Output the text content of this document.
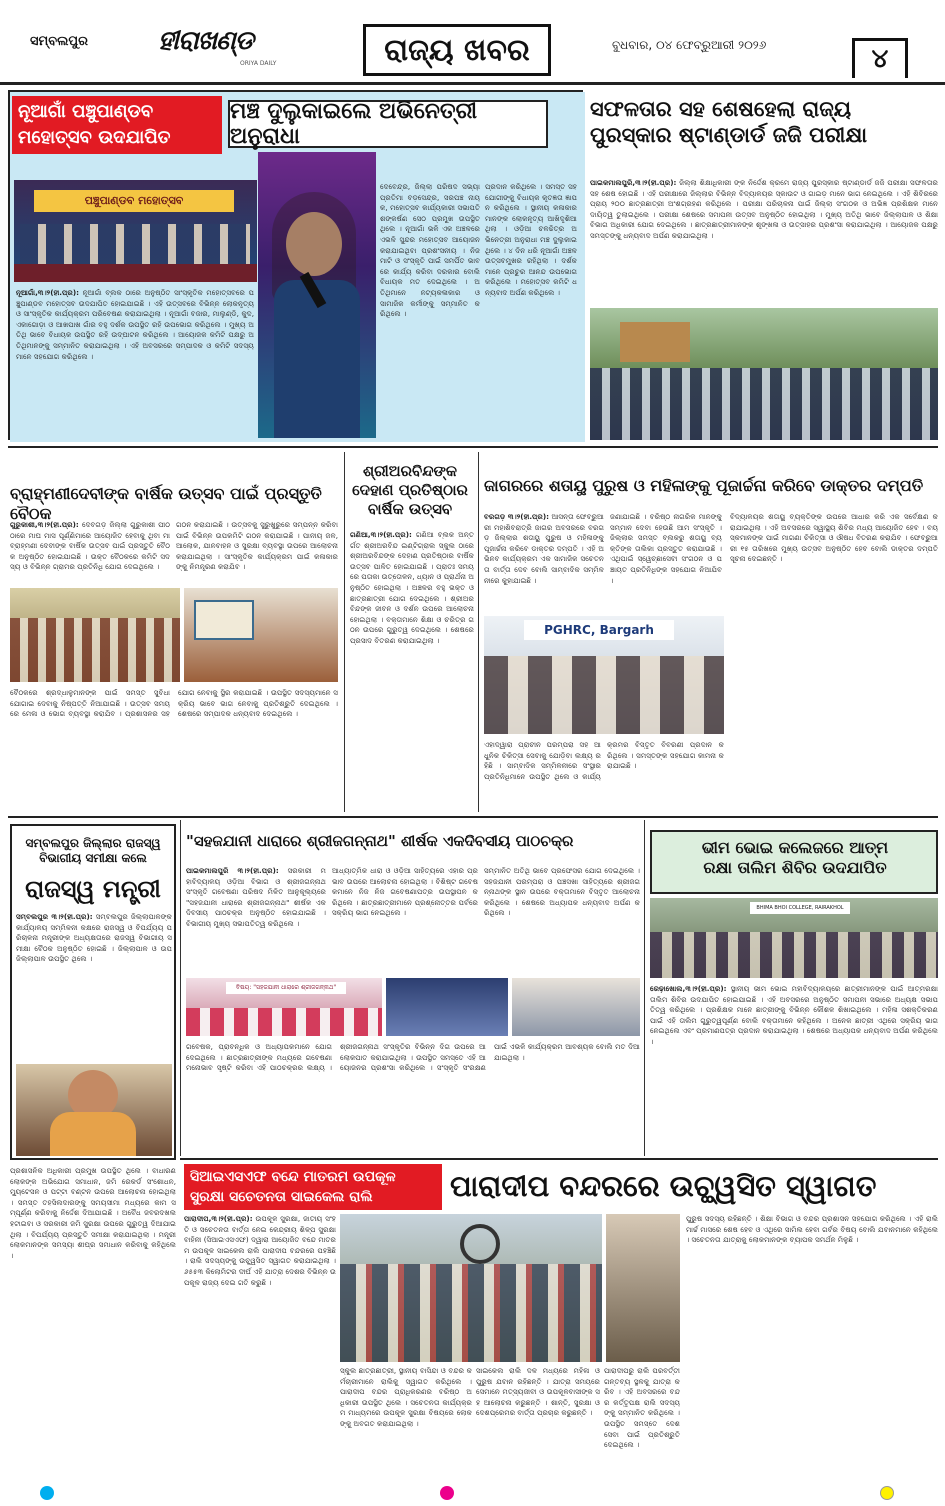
ସମ୍ବଲପୁର	ହୀରାଖଣ୍ଡ
ORIYA DAILY	ରାଜ୍ୟ ଖବର	ବୁଧବାର, ୦୪ ଫେବ୍ରୁଆରୀ ୨୦୨୬	୪
ନୂଆଗାଁ ପଞ୍ଚୁପାଣ୍ଡବ
ମହୋତ୍ସବ ଉଦଯାପିତ
ମଞ୍ଚ ଦୁଲୁକାଇଲେ ଅଭିନେତ୍ରୀ ଅନୁରାଧା
ପଞ୍ଚୁପାଣ୍ଡବ ମହୋତ୍ସବ
ନୂଆଗାଁ,୩।୨(ହୀ.ପ୍ର): ନୂଆଗାଁ ବ୍ଲକ ଠାରେ ଅନୁଷ୍ଠିତ ସାଂସ୍କୃତିକ ମହୋତ୍ସବରେ ପଞ୍ଚୁପାଣ୍ଡବ ମହୋତ୍ସବ ଉଦଯାପିତ ହୋଇଯାଇଛି । ଏହି ଉତ୍ସବରେ ବିଭିନ୍ନ ଲୋକନୃତ୍ୟ ଓ ସାଂସ୍କୃତିକ କାର୍ଯ୍ୟକ୍ରମ ପରିବେଷଣ କରାଯାଇଥିଲା । ନୂଆଗାଁ ବଜାର, ମାଲୁଣ୍ଡି, କୁଦ, ଏକାଗୋଡ଼ା ଓ ଆଖପାଖ ଗାଁର ବହୁ ଦର୍ଶକ ଉପସ୍ଥିତ ରହି ଉପଭୋଗ କରିଥିଲେ । ମୁଖ୍ୟ ଅତିଥି ଭାବେ ବିଧାୟକ ଉପସ୍ଥିତ ରହି ଉଦ୍‌ଘାଟନ କରିଥିଲେ । ଆୟୋଜକ କମିଟି ପକ୍ଷରୁ ଅତିଥିମାନଙ୍କୁ ସମ୍ମାନିତ କରାଯାଇଥିଲା । ଏହି ଅବସରରେ ସମ୍ପାଦକ ଓ କମିଟି ସଦସ୍ୟମାନେ ସହଯୋଗ କରିଥିଲେ ।
ଦେବେନ୍ଦ୍ର, ଜିଲ୍ଲା ପରିଷଦ ସଭ୍ୟା ପ୍ରତିମା ବଡ଼ସେନ୍ଦ୍ର, ସରପଞ୍ଚ ନାୟକ, ମହୋତ୍ସବ କାର୍ଯ୍ୟକାରୀ ସଭାପତି ଶଙ୍କର୍ଷଣ ସେଠ ପ୍ରମୁଖ ଉପସ୍ଥିତ ଥିଲେ । ନୂଆଗାଁ ଭଳି ଏକ ଅଞ୍ଚଳରେ ଏଭଳି ସୁନ୍ଦର ମହୋତ୍ସବ ଆୟୋଜନ କରାଯାଇଥିବା ପ୍ରଶଂସନୀୟ । ନିଜ ମାଟି ଓ ସଂସ୍କୃତି ପାଇଁ ସମର୍ପିତ ଭାବରେ କାର୍ଯ୍ୟ କରିବା ଦରକାର ବୋଲି ବିଧାୟକ ମତ ଦେଇଥିଲେ । ଅତିଥିମାନେ ନଟ୍ୟକଳାକାର ଓ ସାମାଜିକ କର୍ମୀଙ୍କୁ ସମ୍ମାନିତ କରିଥିଲେ ।
ପ୍ରଦାନ କରିଥିଲେ । ସମସ୍ତ ସହଯୋଗୀଙ୍କୁ ବିଧାୟକ କୃତଜ୍ଞତା ଜ୍ଞାପନ କରିଥିଲେ । ସ୍ଥାନୀୟ କଳାକାର ମାନଙ୍କ ଲୋକନୃତ୍ୟ ଆଖିଦୃଶିଆ ଥିଲା । ଓଡ଼ିଆ ଚଳଚ୍ଚିତ୍ର ଅଭିନେତ୍ରୀ ଅନୁରାଧା ମଞ୍ଚ ଦୁଲୁକାଇଥିଲେ । ୪ ଦିନ ଧରି ନୂଆଗାଁ ଅଞ୍ଚଳ ଉତ୍ସବମୁଖର ରହିଥିଲା । ଦର୍ଶକମାନେ ପ୍ରଚୁର ଆନନ୍ଦ ଉପଭୋଗ କରିଥିଲେ । ମହୋତ୍ସବ କମିଟି ଧନ୍ୟବାଦ ଅର୍ପଣ କରିଥିଲେ ।
ସଫଳତାର ସହ ଶେଷହେଲା ରାଜ୍ୟ
ପୁରସ୍କାର ଷ୍ଟାଣ୍ଡାର୍ଡ ଜଜି ପରୀକ୍ଷା
ପାଇକମାଲପୁରି,୩।୨(ହୀ.ପ୍ର): ଜିଲ୍ଲା ଶିକ୍ଷାଧିକାରୀ ଙ୍କ ନିର୍ଦ୍ଦେଶ କ୍ରମେ ରାଜ୍ୟ ପୁରସ୍କାର ଷ୍ଟାଣ୍ଡାର୍ଡ ଜଜି ପରୀକ୍ଷା ସଫଳତାର ସହ ଶେଷ ହୋଇଛି । ଏହି ପରୀକ୍ଷାରେ ଜିଲ୍ଲାର ବିଭିନ୍ନ ବିଦ୍ୟାଳୟର ସ୍କାଉଟ ଓ ଗାଇଡ଼ ମାନେ ଭାଗ ନେଇଥିଲେ । ଏହି ଶିବିରରେ ପ୍ରାୟ ୨୦୦ ଛାତ୍ରଛାତ୍ରୀ ଅଂଶଗ୍ରହଣ କରିଥିଲେ । ପରୀକ୍ଷା ପରିଚାଳନା ପାଇଁ ଜିଲ୍ଲା ସଂଗଠକ ଓ ଅଭିଜ୍ଞ ପ୍ରଶିକ୍ଷକ ମାନେ ଦାୟିତ୍ୱ ତୁଲାଇଥିଲେ । ପରୀକ୍ଷା ଶେଷରେ ସମାପନୀ ଉତ୍ସବ ଅନୁଷ୍ଠିତ ହୋଇଥିଲା । ମୁଖ୍ୟ ଅତିଥି ଭାବେ ଜିଲ୍ଲାପାଳ ଓ ଶିକ୍ଷା ବିଭାଗ ଅଧିକାରୀ ଯୋଗ ଦେଇଥିଲେ । ଛାତ୍ରଛାତ୍ରୀମାନଙ୍କ ଶୃଙ୍ଖଳା ଓ ଉତ୍ସାହର ପ୍ରଶଂସା କରାଯାଇଥିଲା । ଆୟୋଜକ ପକ୍ଷରୁ ସମସ୍ତଙ୍କୁ ଧନ୍ୟବାଦ ଅର୍ପଣ କରାଯାଇଥିଲା ।
ବ୍ରାହ୍ମଣୀଦେବୀଙ୍କ ବାର୍ଷିକ ଉତ୍ସବ ପାଇଁ ପ୍ରସ୍ତୁତି ବୈଠକ
ଗୁରୁକାଶୀ,୩।୨(ହୀ.ପ୍ର): ଦେବଗଡ଼ ଜିଲ୍ଲା ଗୁରୁକାଶୀ ପୀଠ ଠାରେ ମାଘ ମାସ ପୂର୍ଣ୍ଣିମାରେ ଆୟୋଜିତ ହେବାକୁ ଥିବା ମା ବ୍ରାହ୍ମଣୀ ଦେବୀଙ୍କ ବାର୍ଷିକ ଉତ୍ସବ ପାଇଁ ପ୍ରସ୍ତୁତି ବୈଠକ ଅନୁଷ୍ଠିତ ହୋଇଯାଇଛି । ଉକ୍ତ ବୈଠକରେ କମିଟି ସଦସ୍ୟ ଓ ବିଭିନ୍ନ ଗ୍ରାମର ପ୍ରତିନିଧି ଯୋଗ ଦେଇଥିଲେ ।
ଗଠନ କରାଯାଇଛି । ଉତ୍ସବକୁ ସୁରୁଖୁରୁରେ ସମ୍ପନ୍ନ କରିବା ପାଇଁ ବିଭିନ୍ନ ଉପକମିଟି ଗଠନ କରାଯାଇଛି । ପାନୀୟ ଜଳ, ଆଲୋକ, ଯାନବାହନ ଓ ସୁରକ୍ଷା ବ୍ୟବସ୍ଥା ଉପରେ ଆଲୋଚନା କରାଯାଇଥିଲା । ସାଂସ୍କୃତିକ କାର୍ଯ୍ୟକ୍ରମ ପାଇଁ କଳାକାରଙ୍କୁ ନିମନ୍ତ୍ରଣ କରାଯିବ ।
ବୈଠକରେ ଶ୍ରଦ୍ଧାଳୁମାନଙ୍କ ପାଇଁ ସମସ୍ତ ସୁବିଧା ଯୋଗାଇ ଦେବାକୁ ନିଷ୍ପତ୍ତି ନିଆଯାଇଛି । ଉତ୍ସବ ସମୟରେ ମେଳା ଓ ଭୋଗ ବ୍ୟବସ୍ଥା କରାଯିବ । ପ୍ରଶାସନର ସହଯୋଗ ନେବାକୁ ସ୍ଥିର କରାଯାଇଛି । ଉପସ୍ଥିତ ସଦସ୍ୟମାନେ ସକ୍ରିୟ ଭାବେ ଭାଗ ନେବାକୁ ପ୍ରତିଶ୍ରୁତି ଦେଇଥିଲେ । ଶେଷରେ ସମ୍ପାଦକ ଧନ୍ୟବାଦ ଦେଇଥିଲେ ।
ଶ୍ରୀଅରବିନ୍ଦଙ୍କ
ଦେହାଣ ପ୍ରତିଷ୍ଠାର
ବାର୍ଷିକ ଉତ୍ସବ
ଗଣିଆ,୩।୨(ହୀ.ପ୍ର): ଗଣିଆ ବ୍ଲକ ଅନ୍ତର୍ଗତ ଶ୍ରୀଅରବିନ୍ଦ ଇଣ୍ଟିଗ୍ରାଲ ସ୍କୁଲ ଠାରେ ଶ୍ରୀଅରବିନ୍ଦଙ୍କ ଦେହାଣ ପ୍ରତିଷ୍ଠାର ବାର୍ଷିକ ଉତ୍ସବ ପାଳିତ ହୋଇଯାଇଛି । ପ୍ରାତଃ ସମୟରେ ପତାକା ଉତ୍ତୋଳନ, ଧ୍ୟାନ ଓ ପ୍ରାର୍ଥନା ଅନୁଷ୍ଠିତ ହୋଇଥିଲା । ଅଞ୍ଚଳର ବହୁ ଭକ୍ତ ଓ ଛାତ୍ରଛାତ୍ରୀ ଯୋଗ ଦେଇଥିଲେ । ଶ୍ରୀଅରବିନ୍ଦଙ୍କ ଜୀବନ ଓ ଦର୍ଶନ ଉପରେ ଆଲୋଚନା ହୋଇଥିଲା । ବକ୍ତାମାନେ ଶିକ୍ଷା ଓ ଚରିତ୍ର ଗଠନ ଉପରେ ଗୁରୁତ୍ୱ ଦେଇଥିଲେ । ଶେଷରେ ପ୍ରସାଦ ବିତରଣ କରାଯାଇଥିଲା ।
ଜାଗରରେ ଶତାୟୁ ପୁରୁଷ ଓ ମହିଳାଙ୍କୁ ପୂଜାର୍ଚ୍ଚନା କରିବେ ଡାକ୍ତର ଦମ୍ପତି
ବରଗଡ଼ ୩।୨(ହୀ.ପ୍ର): ଆସନ୍ତା ଫେବ୍ରୁଆରୀ ମହାଶିବରାତ୍ରି ଜାଗର ଅବସରରେ ବରଗଡ଼ ଜିଲ୍ଲାର ଶତାୟୁ ପୁରୁଷ ଓ ମହିଳାଙ୍କୁ ପୂଜାର୍ଚ୍ଚନା କରିବେ ଡାକ୍ତର ଦମ୍ପତି । ଏହି ଅଭିନବ କାର୍ଯ୍ୟକ୍ରମ ଏକ ସାମାଜିକ ସଚେତନତା ବାର୍ତ୍ତା ଦେବ ବୋଲି ସାମ୍ବାଦିକ ସମ୍ମିଳନୀରେ କୁହାଯାଇଛି ।
ଜଣାଯାଇଛି । ବରିଷ୍ଠ ନାଗରିକ ମାନଙ୍କୁ ସମ୍ମାନ ଦେବା ହେଉଛି ଆମ ସଂସ୍କୃତି । ଜିଲ୍ଲାର ସମସ୍ତ ବ୍ଲକରୁ ଶତାୟୁ ବ୍ୟକ୍ତିଙ୍କ ତାଲିକା ପ୍ରସ୍ତୁତ କରାଯାଉଛି । ଏଥିପାଇଁ ସ୍ୱେଚ୍ଛାସେବୀ ସଂଗଠନ ଓ ପଞ୍ଚାୟତ ପ୍ରତିନିଧିଙ୍କ ସହଯୋଗ ନିଆଯିବ ।
PGHRC, Bargarh
ଏହାଦ୍ୱାରା ପ୍ରାଚୀନ ପରମ୍ପରା ସହ ଆଧୁନିକ ଚିକିତ୍ସା ସେବାକୁ ଯୋଡ଼ିବା ଲକ୍ଷ୍ୟ ରହିଛି । ସାମ୍ବାଦିକ ସମ୍ମିଳନୀରେ ସଂସ୍ଥାର ପ୍ରତିନିଧିମାନେ ଉପସ୍ଥିତ ଥିଲେ ଓ କାର୍ଯ୍ୟକ୍ରମର ବିସ୍ତୃତ ବିବରଣୀ ପ୍ରଦାନ କରିଥିଲେ । ସମସ୍ତଙ୍କ ସହଯୋଗ କାମନା କରାଯାଇଛି ।
ବିଦ୍ୟାଳୟର ଶତାୟୁ ବ୍ୟକ୍ତିଙ୍କ ଉପରେ ଆଧାର କରି ଏକ ସର୍ବେକ୍ଷଣ କରାଯାଇଥିଲା । ଏହି ଅବସରରେ ସ୍ୱାସ୍ଥ୍ୟ ଶିବିର ମଧ୍ୟ ଆୟୋଜିତ ହେବ । ବୟସ୍କମାନଙ୍କ ପାଇଁ ମାଗଣା ଚିକିତ୍ସା ଓ ଔଷଧ ବିତରଣ କରାଯିବ । ଫେବ୍ରୁଆରୀ ୧୫ ତାରିଖରେ ମୁଖ୍ୟ ଉତ୍ସବ ଅନୁଷ୍ଠିତ ହେବ ବୋଲି ଡାକ୍ତର ଦମ୍ପତି ସୂଚନା ଦେଇଛନ୍ତି ।
ସମ୍ବଲପୁର ଜିଲ୍ଲାର ରାଜସ୍ୱ
ବିଭାଗୀୟ ସମୀକ୍ଷା କଲେ
ରାଜସ୍ୱ ମନ୍ତ୍ରୀ
ସମ୍ବଲପୁର ୩।୨(ହୀ.ପ୍ର): ସମ୍ବଲପୁର ଜିଲ୍ଲାପାଳଙ୍କ କାର୍ଯ୍ୟାଳୟ ସମ୍ମିଳନୀ କକ୍ଷରେ ରାଜସ୍ୱ ଓ ବିପର୍ଯ୍ୟୟ ପରିଚାଳନା ମନ୍ତ୍ରୀଙ୍କ ଅଧ୍ୟକ୍ଷତାରେ ରାଜସ୍ୱ ବିଭାଗୀୟ ସମୀକ୍ଷା ବୈଠକ ଅନୁଷ୍ଠିତ ହୋଇଛି । ଜିଲ୍ଲାପାଳ ଓ ଉପଜିଲ୍ଲାପାଳ ଉପସ୍ଥିତ ଥିଲେ ।
ପ୍ରଶାସନିକ ଅଧିକାରୀ ପ୍ରମୁଖ ଉପସ୍ଥିତ ଥିଲେ । ବାଧାରଣ ଲୋକଙ୍କ ଅଭିଯୋଗ ସମାଧାନ, ଜମି ରେକର୍ଡ ସଂଶୋଧନ, ମ୍ୟୁଟେସନ ଓ ପଟ୍ଟା ବଣ୍ଟନ ଉପରେ ଆଲୋଚନା ହୋଇଥିଲା । ସମସ୍ତ ତହସିଲଦାରଙ୍କୁ ସମୟସୀମା ମଧ୍ୟରେ କାମ ସମ୍ପୂର୍ଣ୍ଣ କରିବାକୁ ନିର୍ଦ୍ଦେଶ ଦିଆଯାଇଛି । ଅବୈଧ ଜବରଦଖଲ ହଟାଇବା ଓ ସରକାରୀ ଜମି ସୁରକ୍ଷା ଉପରେ ଗୁରୁତ୍ୱ ଦିଆଯାଇଥିଲା । ବିପର୍ଯ୍ୟୟ ପ୍ରସ୍ତୁତି ସମୀକ୍ଷା କରାଯାଇଥିଲା । ମନ୍ତ୍ରୀ ଲୋକମାନଙ୍କ ସମସ୍ୟା ଶୀଘ୍ର ସମାଧାନ କରିବାକୁ କହିଥିଲେ ।
"ସହଜଯାନୀ ଧାରାରେ ଶ୍ରୀଜଗନ୍ନାଥ" ଶୀର୍ଷକ ଏକଦିବସୀୟ ପାଠଚକ୍ର
ପାଇକମାଲପୁରି ୩।୨(ହୀ.ପ୍ର): ସରକାରୀ ମହାବିଦ୍ୟାଳୟ ଓଡ଼ିଆ ବିଭାଗ ଓ ଶ୍ରୀଜଗନ୍ନାଥ ସଂସ୍କୃତି ଗବେଷଣା ପରିଷଦ ମିଳିତ ଆନୁକୂଲ୍ୟରେ "ସହଜଯାନୀ ଧାରାରେ ଶ୍ରୀଜଗନ୍ନାଥ" ଶୀର୍ଷକ ଏକଦିବସୀୟ ପାଠଚକ୍ର ଅନୁଷ୍ଠିତ ହୋଇଯାଇଛି । ବିଭାଗୀୟ ମୁଖ୍ୟ ସଭାପତିତ୍ୱ କରିଥିଲେ ।
ଆଧ୍ୟାତ୍ମିକ ଧାରା ଓ ଓଡ଼ିଆ ସାହିତ୍ୟରେ ଏହାର ପ୍ରଭାବ ଉପରେ ଆଲୋଚନା ହୋଇଥିଲା । ବିଶିଷ୍ଟ ଗବେଷକମାନେ ନିଜ ନିଜ ଗବେଷଣାପତ୍ର ଉପସ୍ଥାପନ କରିଥିଲେ । ଛାତ୍ରଛାତ୍ରୀମାନେ ପ୍ରଶ୍ନୋତ୍ତର ପର୍ବରେ ସକ୍ରିୟ ଭାଗ ନେଇଥିଲେ ।
ସମ୍ମାନିତ ଅତିଥି ଭାବେ ପ୍ରଫେସର ଯୋଗ ଦେଇଥିଲେ । ସହଜଯାନୀ ପରମ୍ପରା ଓ ପଞ୍ଚସଖା ସାହିତ୍ୟରେ ଶ୍ରୀଜଗନ୍ନାଥଙ୍କ ସ୍ଥାନ ଉପରେ ବକ୍ତାମାନେ ବିସ୍ତୃତ ଆଲୋଚନା କରିଥିଲେ । ଶେଷରେ ଅଧ୍ୟାପକ ଧନ୍ୟବାଦ ଅର୍ପଣ କରିଥିଲେ ।
ବିଷୟ: "ସହଜଯାନୀ ଧାରାରେ ଶ୍ରୀଜଗନ୍ନାଥ"
ଗବେଷକ, ପ୍ରାବନ୍ଧିକ ଓ ଅଧ୍ୟାପକମାନେ ଯୋଗ ଦେଇଥିଲେ । ଛାତ୍ରଛାତ୍ରୀଙ୍କ ମଧ୍ୟରେ ଗବେଷଣା ମନୋଭାବ ସୃଷ୍ଟି କରିବା ଏହି ପାଠଚକ୍ରର ଲକ୍ଷ୍ୟ । ଶ୍ରୀଜଗନ୍ନାଥ ସଂସ୍କୃତିର ବିଭିନ୍ନ ଦିଗ ଉପରେ ଆଲୋକପାତ କରାଯାଇଥିଲା । ଉପସ୍ଥିତ ସମସ୍ତେ ଏହି ଆୟୋଜନର ପ୍ରଶଂସା କରିଥିଲେ । ସଂସ୍କୃତି ସଂରକ୍ଷଣ ପାଇଁ ଏଭଳି କାର୍ଯ୍ୟକ୍ରମ ଆବଶ୍ୟକ ବୋଲି ମତ ଦିଆଯାଇଥିଲା ।
ଭୀମ ଭୋଇ କଲେଜରେ ଆତ୍ମ
ରକ୍ଷା ତାଲିମ ଶିବିର ଉଦଯାପିତ
BHIMA BHOI COLLEGE, RAIRAKHOL
ରେଢ଼ାଖୋଲ,୩।୨(ହୀ.ପ୍ର): ସ୍ଥାନୀୟ ଭୀମ ଭୋଇ ମହାବିଦ୍ୟାଳୟରେ ଛାତ୍ରୀମାନଙ୍କ ପାଇଁ ଆତ୍ମରକ୍ଷା ତାଲିମ ଶିବିର ଉଦଯାପିତ ହୋଇଯାଇଛି । ଏହି ଅବସରରେ ଅନୁଷ୍ଠିତ ସମାପନୀ ସଭାରେ ଅଧ୍ୟକ୍ଷ ସଭାପତିତ୍ୱ କରିଥିଲେ । ପ୍ରଶିକ୍ଷକ ମାନେ ଛାତ୍ରୀଙ୍କୁ ବିଭିନ୍ନ କୌଶଳ ଶିଖାଇଥିଲେ । ମହିଳା ସଶକ୍ତିକରଣ ପାଇଁ ଏହି ତାଲିମ ଗୁରୁତ୍ୱପୂର୍ଣ୍ଣ ବୋଲି ବକ୍ତାମାନେ କହିଥିଲେ । ଅନେକ ଛାତ୍ରୀ ଏଥିରେ ସକ୍ରିୟ ଭାଗ ନେଇଥିଲେ ଏବଂ ପ୍ରମାଣପତ୍ର ପ୍ରଦାନ କରାଯାଇଥିଲା । ଶେଷରେ ଅଧ୍ୟାପକ ଧନ୍ୟବାଦ ଅର୍ପଣ କରିଥିଲେ ।
ସିଆଇଏସଏଫ ବନ୍ଦେ ମାତରମ ଉପକୂଳ
ସୁରକ୍ଷା ସଚେତନତା ସାଇକେଲ ରାଲି	ପାରାଦୀପ ବନ୍ଦରରେ ଉଚ୍ଛ୍ୱସିତ ସ୍ୱାଗତ
ପାରାଦୀପ,୩।୨(ହୀ.ପ୍ର): ଉପକୂଳ ସୁରକ୍ଷା, ଜାତୀୟ ସଂହତି ଓ ସଚେତନତା ବାର୍ତ୍ତା ନେଇ କେନ୍ଦ୍ରୀୟ ଶିଳ୍ପ ସୁରକ୍ଷା ବାହିନୀ (ସିଆଇଏସଏଫ) ଦ୍ୱାରା ଆୟୋଜିତ ବନ୍ଦେ ମାତରମ ଉପକୂଳ ସାଇକେଲ ରାଲି ପାରାଦୀପ ବନ୍ଦରରେ ପହଞ୍ଚିଛି । ରାଲି ସଦସ୍ୟଙ୍କୁ ଉଚ୍ଛ୍ୱସିତ ସ୍ୱାଗତ କରାଯାଇଥିଲା । ୬୫୫୩ କିଲୋମିଟର ଦୀର୍ଘ ଏହି ଯାତ୍ରା ଦେଶର ବିଭିନ୍ନ ଉପକୂଳ ରାଜ୍ୟ ଦେଇ ଗତି କରୁଛି ।
ସ୍କୁଲ ଛାତ୍ରଛାତ୍ରୀ, ସ୍ଥାନୀୟ ବାସିନ୍ଦା ଓ ବନ୍ଦର କର୍ମଚାରୀମାନେ ରାଲିକୁ ସ୍ୱାଗତ କରିଥିଲେ । ପାରାଦୀପ ବନ୍ଦର ପ୍ରାଧିକରଣର ବରିଷ୍ଠ ଅଧିକାରୀ ଉପସ୍ଥିତ ଥିଲେ । ସଚେତନତା କାର୍ଯ୍ୟକ୍ରମ ମାଧ୍ୟମରେ ଉପକୂଳ ସୁରକ୍ଷା ବିଷୟରେ ଲୋକଙ୍କୁ ଅବଗତ କରାଯାଇଥିଲା ।
ସାଇକେଲ ରାଲି ଦଳ ମଧ୍ୟରେ ମହିଳା ଓ ପୁରୁଷ ଯବାନ ରହିଛନ୍ତି । ଯାତ୍ରା ସମୟରେ ସେମାନେ ମତ୍ସ୍ୟଜୀବୀ ଓ ଉପକୂଳବାସୀଙ୍କ ସହ ଆଲୋଚନା କରୁଛନ୍ତି । ଶାନ୍ତି, ସୁରକ୍ଷା ଓ ଦେଶପ୍ରେମର ବାର୍ତ୍ତା ପ୍ରଚାର କରୁଛନ୍ତି ।
ପାରାଦୀପରୁ ରାଲି ପରବର୍ତ୍ତୀ ଗନ୍ତବ୍ୟ ସ୍ଥଳକୁ ଯାତ୍ରା କରିବ । ଏହି ଅବସରରେ ବନ୍ଦର କର୍ତ୍ତୃପକ୍ଷ ରାଲି ସଦସ୍ୟଙ୍କୁ ସମ୍ମାନିତ କରିଥିଲେ । ଉପସ୍ଥିତ ସମସ୍ତେ ଦେଶସେବା ପାଇଁ ପ୍ରତିଶ୍ରୁତି ଦେଇଥିଲେ ।
ପୁରୁଷ ସଦସ୍ୟ ରହିଛନ୍ତି । ଶିକ୍ଷା ବିଭାଗ ଓ ବନ୍ଦର ପ୍ରଶାସନ ସହଯୋଗ କରିଥିଲେ । ଏହି ରାଲି ମାର୍ଚ୍ଚ ମାସରେ ଶେଷ ହେବ ଓ ଏଥିରେ ସାମିଲ ହେବା ଗର୍ବର ବିଷୟ ବୋଲି ଯବାନମାନେ କହିଥିଲେ । ସଚେତନତା ଯାତ୍ରାକୁ ଲୋକମାନଙ୍କ ବ୍ୟାପକ ସମର୍ଥନ ମିଳୁଛି ।
